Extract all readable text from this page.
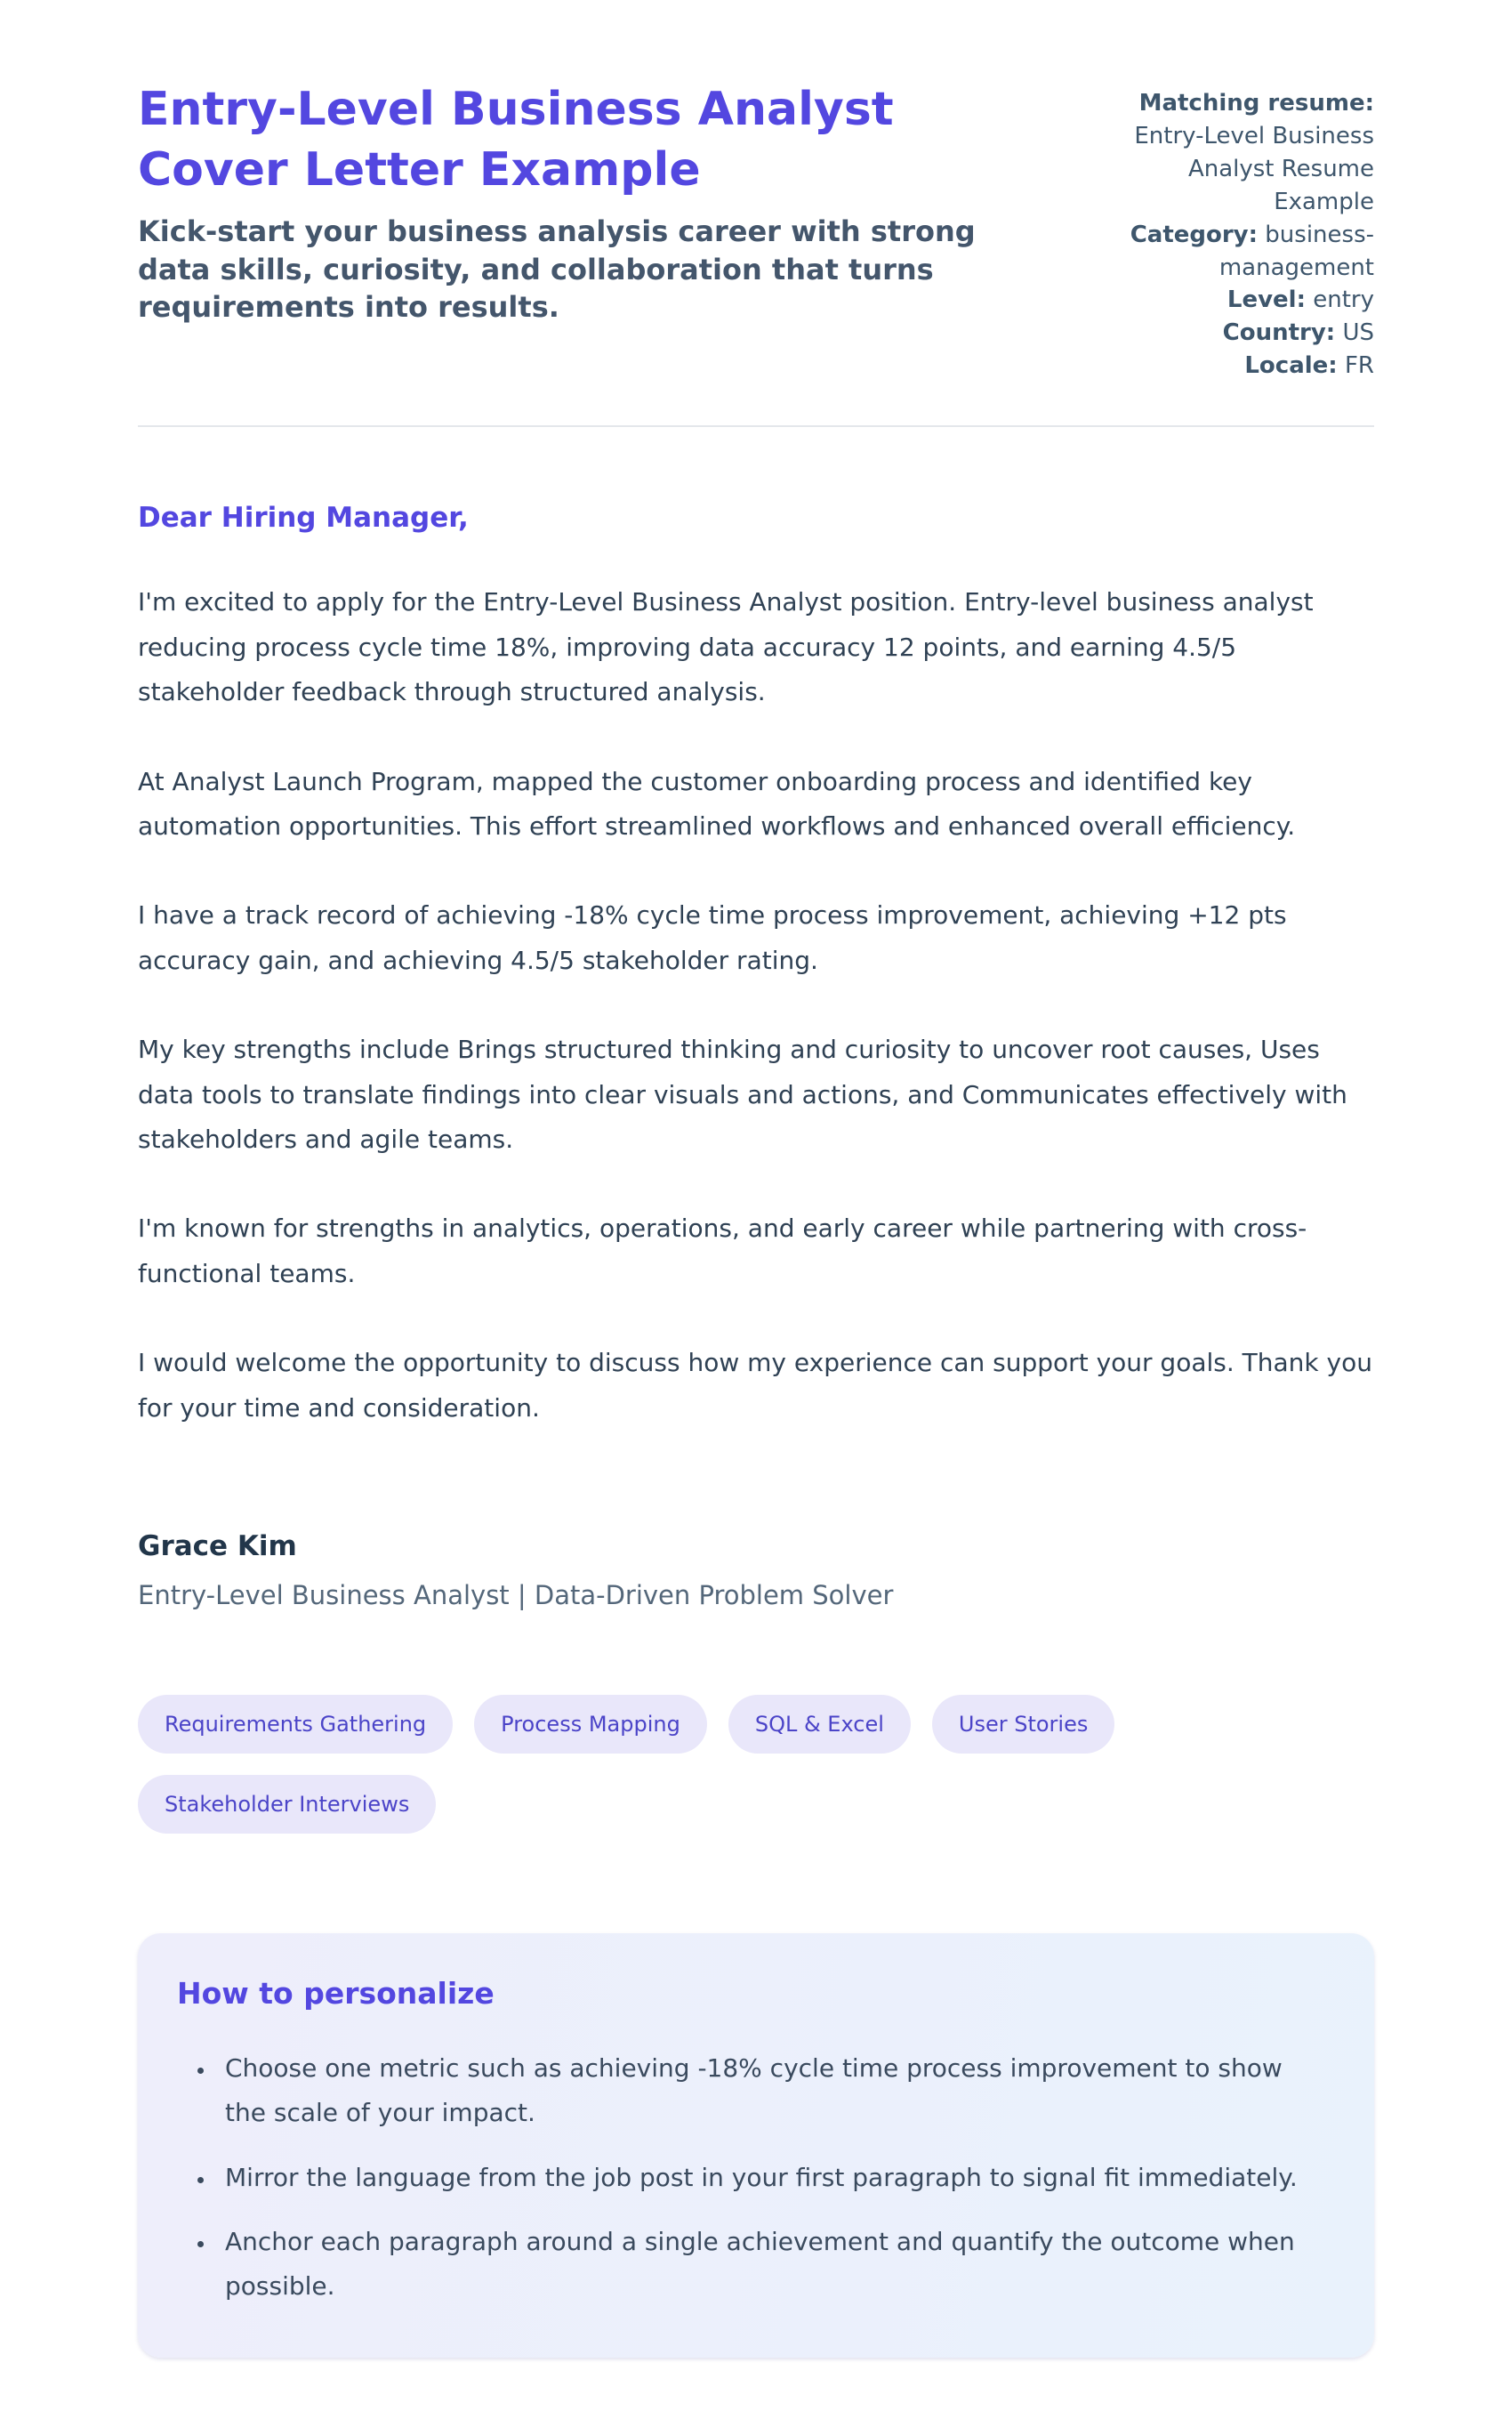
Entry-Level Business Analyst Cover Letter Example
Kick-start your business analysis career with strong data skills, curiosity, and collaboration that turns requirements into results.
Matching resume: Entry-Level Business Analyst Resume Example
Category: business-management
Level: entry
Country: US
Locale: FR

Dear Hiring Manager,

I'm excited to apply for the Entry-Level Business Analyst position. Entry-level business analyst reducing process cycle time 18%, improving data accuracy 12 points, and earning 4.5/5 stakeholder feedback through structured analysis.

At Analyst Launch Program, mapped the customer onboarding process and identified key automation opportunities. This effort streamlined workflows and enhanced overall efficiency.

I have a track record of achieving -18% cycle time process improvement, achieving +12 pts accuracy gain, and achieving 4.5/5 stakeholder rating.

My key strengths include Brings structured thinking and curiosity to uncover root causes, Uses data tools to translate findings into clear visuals and actions, and Communicates effectively with stakeholders and agile teams.

I'm known for strengths in analytics, operations, and early career while partnering with cross-functional teams.

I would welcome the opportunity to discuss how my experience can support your goals. Thank you for your time and consideration.

Grace Kim

Entry-Level Business Analyst | Data-Driven Problem Solver

Requirements Gathering	Process Mapping	SQL & Excel	User Stories
Stakeholder Interviews
How to personalize
• Choose one metric such as achieving -18% cycle time process improvement to show the scale of your impact.
• Mirror the language from the job post in your first paragraph to signal fit immediately.
• Anchor each paragraph around a single achievement and quantify the outcome when possible.
